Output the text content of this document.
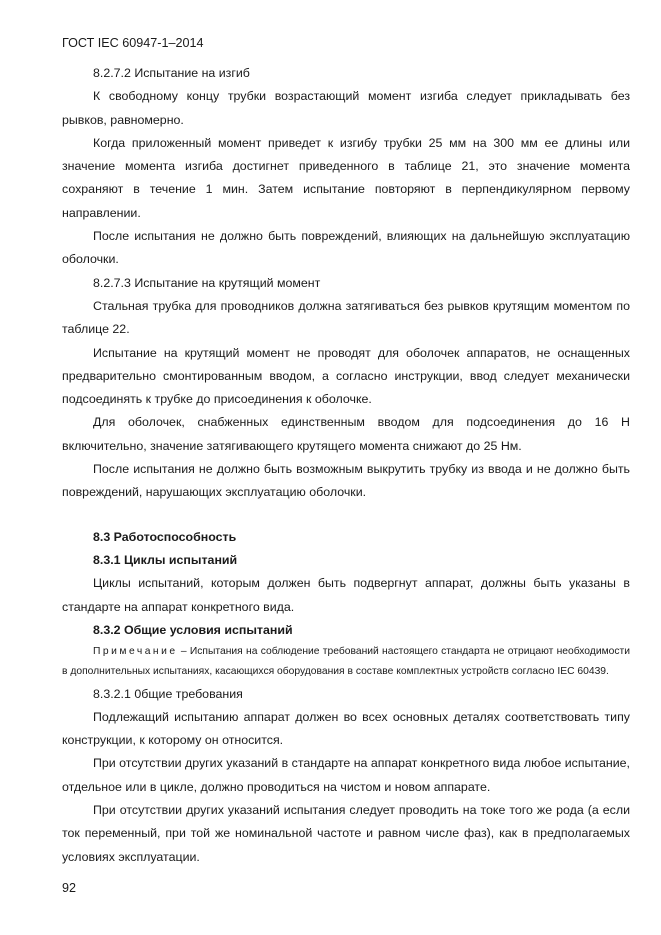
ГОСТ IEC 60947-1–2014

8.2.7.2 Испытание на изгиб

К свободному концу трубки возрастающий момент изгиба следует прикладывать без рывков, равномерно.

Когда приложенный момент приведет к изгибу трубки 25 мм на 300 мм ее длины или значение момента изгиба достигнет приведенного в таблице 21, это значение момента сохраняют в течение 1 мин. Затем испытание повторяют в перпендикулярном первому направлении.

После испытания не должно быть повреждений, влияющих на дальнейшую эксплуатацию оболочки.

8.2.7.3 Испытание на крутящий момент

Стальная трубка для проводников должна затягиваться без рывков крутящим моментом по таблице 22.

Испытание на крутящий момент не проводят для оболочек аппаратов, не оснащенных предварительно смонтированным вводом, а согласно инструкции, ввод следует механически подсоединять к трубке до присоединения к оболочке.

Для оболочек, снабженных единственным вводом для подсоединения до 16 Н включительно, значение затягивающего крутящего момента снижают до 25 Нм.

После испытания не должно быть возможным выкрутить трубку из ввода и не должно быть повреждений, нарушающих эксплуатацию оболочки.

8.3 Работоспособность
8.3.1 Циклы испытаний

Циклы испытаний, которым должен быть подвергнут аппарат, должны быть указаны в стандарте на аппарат конкретного вида.

8.3.2 Общие условия испытаний

Примечание – Испытания на соблюдение требований настоящего стандарта не отрицают необходимости в дополнительных испытаниях, касающихся оборудования в составе комплектных устройств согласно IEC 60439.

8.3.2.1 0бщие требования

Подлежащий испытанию аппарат должен во всех основных деталях соответствовать типу конструкции, к которому он относится.

При отсутствии других указаний в стандарте на аппарат конкретного вида любое испытание, отдельное или в цикле, должно проводиться на чистом и новом аппарате.

При отсутствии других указаний испытания следует проводить на токе того же рода (а если ток переменный, при той же номинальной частоте и равном числе фаз), как в предполагаемых условиях эксплуатации.

92
